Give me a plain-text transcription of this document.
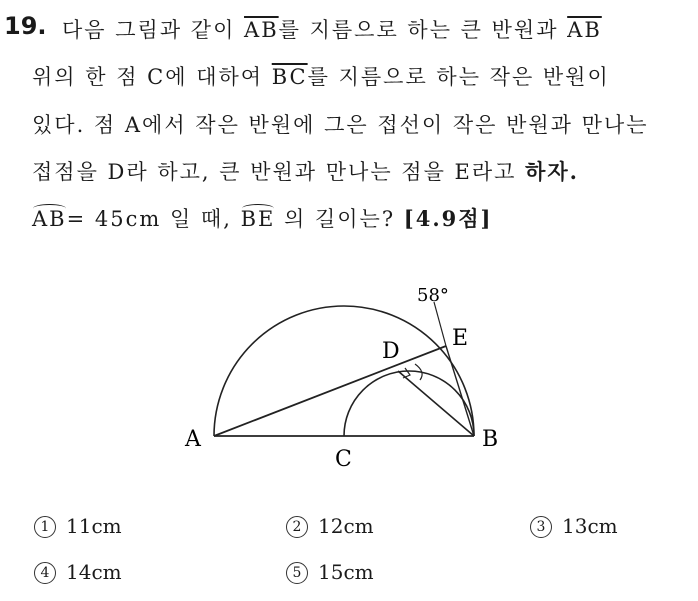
19. 다음 그림과 같이 $\overline{AB}$를 지름으로 하는 큰 반원과 $\overline{AB}$
위의 한 점 C에 대하여 $\overline{BC}$를 지름으로 하는 작은 반원이
있다. 점 A에서 작은 반원에 그은 접선이 작은 반원과 만나는
접점을 D라 하고, 큰 반원과 만나는 점을 E라고 하자.
AB= 45cm 일 때, BE 의 길이는? [4.9점]
58°
A	B
C
D
E
1 11cm	2 12cm	3 13cm
4 14cm	5 15cm
